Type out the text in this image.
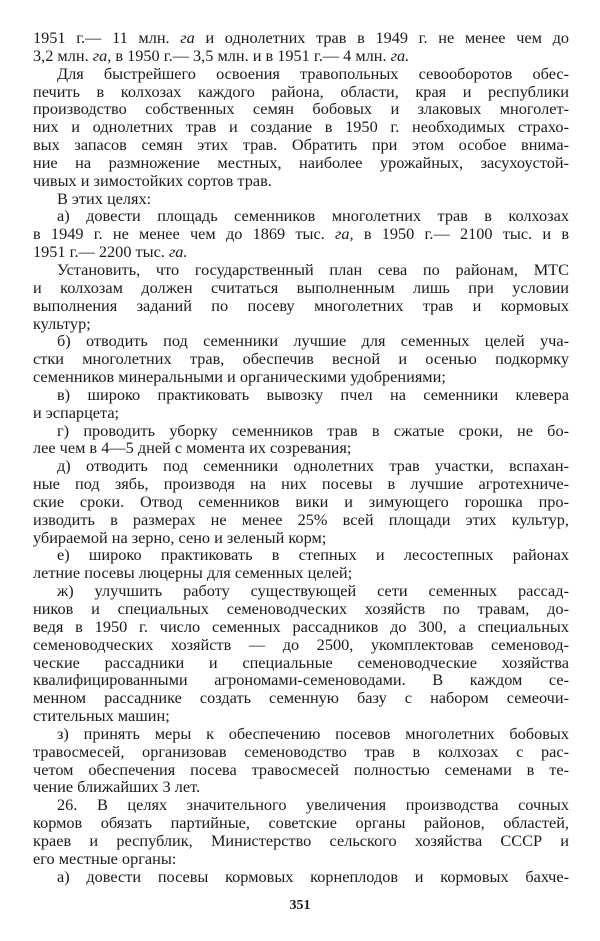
1951 г.— 11 млн. га и однолетних трав в 1949 г. не менее чем до
3,2 млн. га, в 1950 г.— 3,5 млн. и в 1951 г.— 4 млн. га.
Для быстрейшего освоения травопольных севооборотов обес-
печить в колхозах каждого района, области, края и республики
производство собственных семян бобовых и злаковых многолет-
них и однолетних трав и создание в 1950 г. необходимых страхо-
вых запасов семян этих трав. Обратить при этом особое внима-
ние на размножение местных, наиболее урожайных, засухоустой-
чивых и зимостойких сортов трав.
В этих целях:
а) довести площадь семенников многолетних трав в колхозах
в 1949 г. не менее чем до 1869 тыс. га, в 1950 г.— 2100 тыс. и в
1951 г.— 2200 тыс. га.
Установить, что государственный план сева по районам, МТС
и колхозам должен считаться выполненным лишь при условии
выполнения заданий по посеву многолетних трав и кормовых
культур;
б) отводить под семенники лучшие для семенных целей уча-
стки многолетних трав, обеспечив весной и осенью подкормку
семенников минеральными и органическими удобрениями;
в) широко практиковать вывозку пчел на семенники клевера
и эспарцета;
г) проводить уборку семенников трав в сжатые сроки, не бо-
лее чем в 4—5 дней с момента их созревания;
д) отводить под семенники однолетних трав участки, вспахан-
ные под зябь, производя на них посевы в лучшие агротехниче-
ские сроки. Отвод семенников вики и зимующего горошка про-
изводить в размерах не менее 25% всей площади этих культур,
убираемой на зерно, сено и зеленый корм;
е) широко практиковать в степных и лесостепных районах
летние посевы люцерны для семенных целей;
ж) улучшить работу существующей сети семенных рассад-
ников и специальных семеноводческих хозяйств по травам, до-
ведя в 1950 г. число семенных рассадников до 300, а специальных
семеноводческих хозяйств — до 2500, укомплектовав семеновод-
ческие рассадники и специальные семеноводческие хозяйства
квалифицированными агрономами-семеноводами. В каждом се-
менном рассаднике создать семенную базу с набором семеочи-
стительных машин;
з) принять меры к обеспечению посевов многолетних бобовых
травосмесей, организовав семеноводство трав в колхозах с рас-
четом обеспечения посева травосмесей полностью семенами в те-
чение ближайших 3 лет.
26. В целях значительного увеличения производства сочных
кормов обязать партийные, советские органы районов, областей,
краев и республик, Министерство сельского хозяйства СССР и
его местные органы:
а) довести посевы кормовых корнеплодов и кормовых бахче-
351
